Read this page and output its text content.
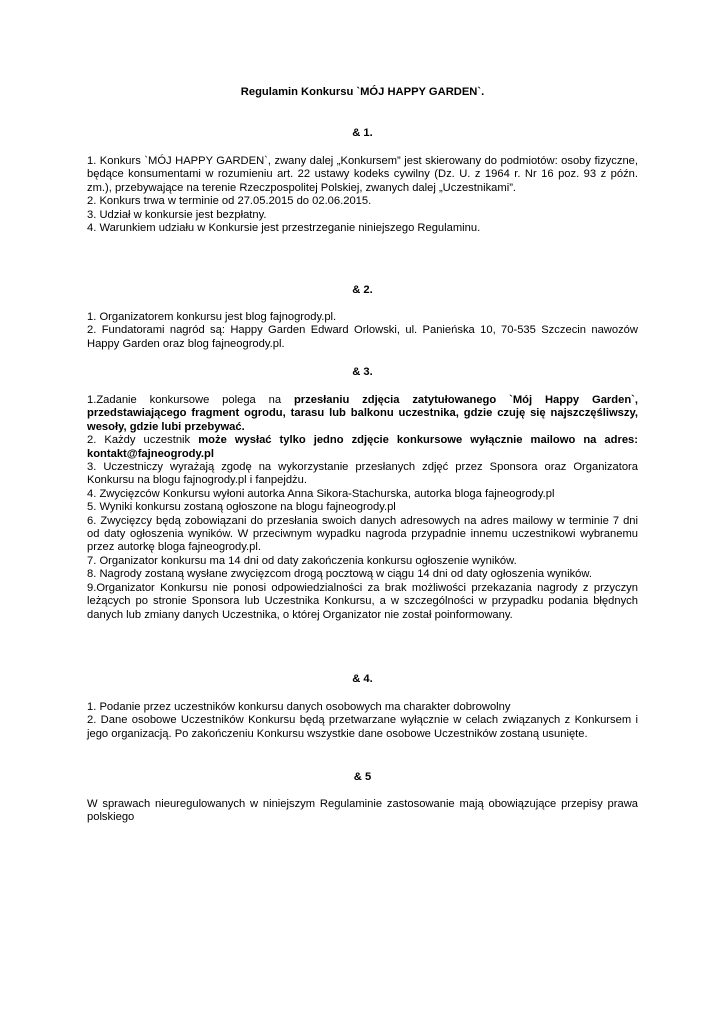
Regulamin Konkursu `MÓJ HAPPY GARDEN`.
& 1.

1. Konkurs `MÓJ HAPPY GARDEN`, zwany dalej „Konkursem” jest skierowany do podmiotów: osoby fizyczne, będące konsumentami w rozumieniu art. 22 ustawy kodeks cywilny (Dz. U. z 1964 r. Nr 16 poz. 93 z późn. zm.), przebywające na terenie Rzeczpospolitej Polskiej, zwanych dalej „Uczestnikami”.

2. Konkurs trwa w terminie od 27.05.2015 do 02.06.2015.

3. Udział w konkursie jest bezpłatny.

4. Warunkiem udziału w Konkursie jest przestrzeganie niniejszego Regulaminu.

& 2.

1. Organizatorem konkursu jest blog fajnogrody.pl.

2. Fundatorami nagród są: Happy Garden Edward Orlowski, ul. Panieńska 10, 70-535 Szczecin nawozów Happy Garden oraz blog fajneogrody.pl.

& 3.

1.Zadanie konkursowe polega na przesłaniu zdjęcia zatytułowanego `Mój Happy Garden`, przedstawiającego fragment ogrodu, tarasu lub balkonu uczestnika, gdzie czuję się najszczęśliwszy, wesoły, gdzie lubi przebywać.

2. Każdy uczestnik może wysłać tylko jedno zdjęcie konkursowe wyłącznie mailowo na adres: kontakt@fajneogrody.pl

3. Uczestniczy wyrażają zgodę na wykorzystanie przesłanych zdjęć przez Sponsora oraz Organizatora Konkursu na blogu fajnogrody.pl i fanpejdżu.

4. Zwycięzców Konkursu wyłoni autorka Anna Sikora-Stachurska, autorka bloga fajneogrody.pl

5. Wyniki konkursu zostaną ogłoszone na blogu fajneogrody.pl

6. Zwycięzcy będą zobowiązani do przesłania swoich danych adresowych na adres mailowy w terminie 7 dni od daty ogłoszenia wyników. W przeciwnym wypadku nagroda przypadnie innemu uczestnikowi wybranemu przez autorkę bloga fajneogrody.pl.

7. Organizator konkursu ma 14 dni od daty zakończenia konkursu ogłoszenie wyników.

8. Nagrody zostaną wysłane zwycięzcom drogą pocztową w ciągu 14 dni od daty ogłoszenia wyników.

9.Organizator Konkursu nie ponosi odpowiedzialności za brak możliwości przekazania nagrody z przyczyn leżących po stronie Sponsora lub Uczestnika Konkursu, a w szczególności w przypadku podania błędnych danych lub zmiany danych Uczestnika, o której Organizator nie został poinformowany.

& 4.

1. Podanie przez uczestników konkursu danych osobowych ma charakter dobrowolny

2. Dane osobowe Uczestników Konkursu będą przetwarzane wyłącznie w celach związanych z Konkursem i jego organizacją. Po zakończeniu Konkursu wszystkie dane osobowe Uczestników zostaną usunięte.

& 5

W sprawach nieuregulowanych w niniejszym Regulaminie zastosowanie mają obowiązujące przepisy prawa polskiego
